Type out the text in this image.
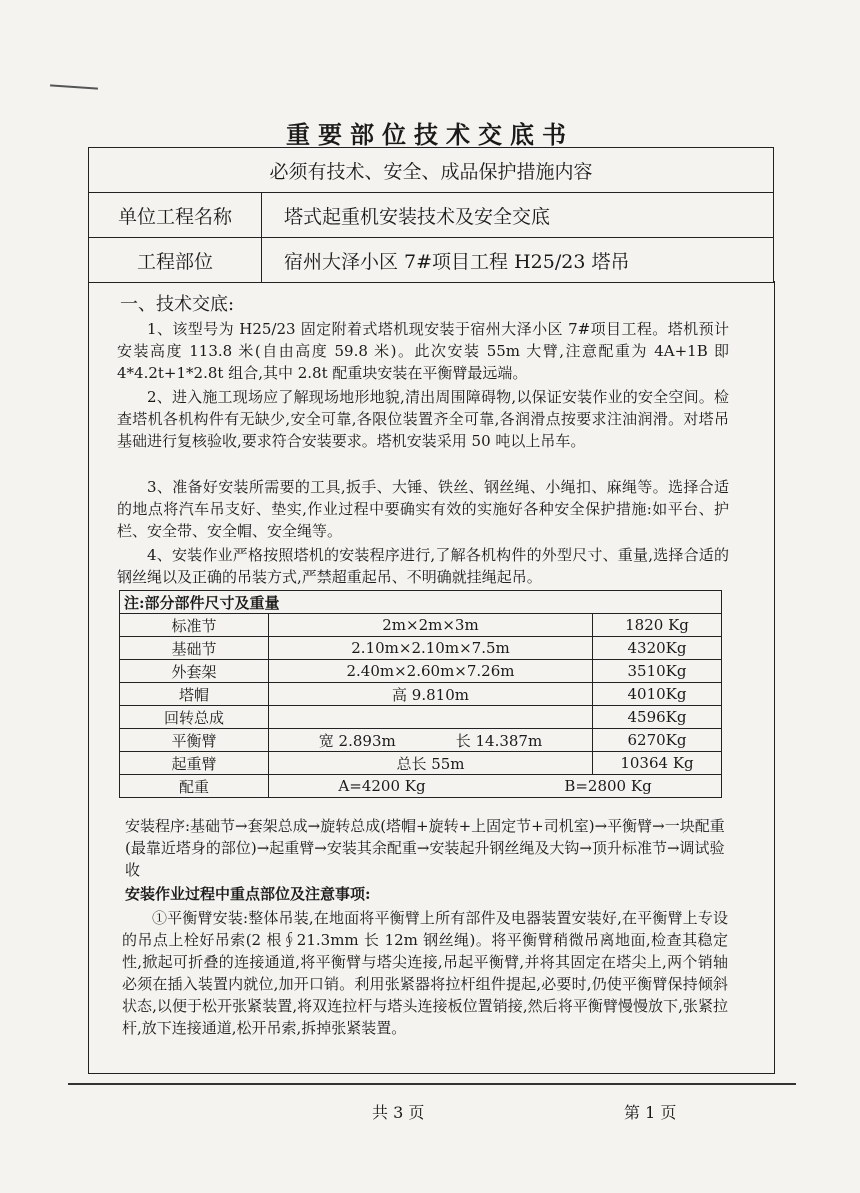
重要部位技术交底书
必须有技术、安全、成品保护措施内容	
单位工程名称	塔式起重机安装技术及安全交底
工程部位	宿州大泽小区 7#项目工程 H25/23 塔吊
一、技术交底:

1、该型号为 H25/23 固定附着式塔机现安装于宿州大泽小区 7#项目工程。塔机预计安装高度 113.8 米(自由高度 59.8 米)。此次安装 55m 大臂,注意配重为 4A+1B 即 4*4.2t+1*2.8t 组合,其中 2.8t 配重块安装在平衡臂最远端。

2、进入施工现场应了解现场地形地貌,清出周围障碍物,以保证安装作业的安全空间。检查塔机各机构件有无缺少,安全可靠,各限位装置齐全可靠,各润滑点按要求注油润滑。对塔吊基础进行复核验收,要求符合安装要求。塔机安装采用 50 吨以上吊车。

3、准备好安装所需要的工具,扳手、大锤、铁丝、钢丝绳、小绳扣、麻绳等。选择合适的地点将汽车吊支好、垫实,作业过程中要确实有效的实施好各种安全保护措施:如平台、护栏、安全带、安全帽、安全绳等。

4、安装作业严格按照塔机的安装程序进行,了解各机构件的外型尺寸、重量,选择合适的钢丝绳以及正确的吊装方式,严禁超重起吊、不明确就挂绳起吊。

注:部分部件尺寸及重量
标准节	2m×2m×3m	1820 Kg
基础节	2.10m×2.10m×7.5m	4320Kg
外套架	2.40m×2.60m×7.26m	3510Kg
塔帽	高 9.810m	4010Kg
回转总成		4596Kg
平衡臂	宽 2.893m　　　　长 14.387m	6270Kg
起重臂	总长 55m	10364 Kg
配重		A=4200 Kg	B=2800 Kg

安装程序:基础节→套架总成→旋转总成(塔帽+旋转+上固定节+司机室)→平衡臂→一块配重(最靠近塔身的部位)→起重臂→安装其余配重→安装起升钢丝绳及大钩→顶升标准节→调试验收

安装作业过程中重点部位及注意事项:

①平衡臂安装:整体吊装,在地面将平衡臂上所有部件及电器装置安装好,在平衡臂上专设的吊点上栓好吊索(2 根∮21.3mm 长 12m 钢丝绳)。将平衡臂稍微吊离地面,检查其稳定性,掀起可折叠的连接通道,将平衡臂与塔尖连接,吊起平衡臂,并将其固定在塔尖上,两个销轴必须在插入装置内就位,加开口销。利用张紧器将拉杆组件提起,必要时,仍使平衡臂保持倾斜状态,以便于松开张紧装置,将双连拉杆与塔头连接板位置销接,然后将平衡臂慢慢放下,张紧拉杆,放下连接通道,松开吊索,拆掉张紧装置。

共 3 页	第 1 页
